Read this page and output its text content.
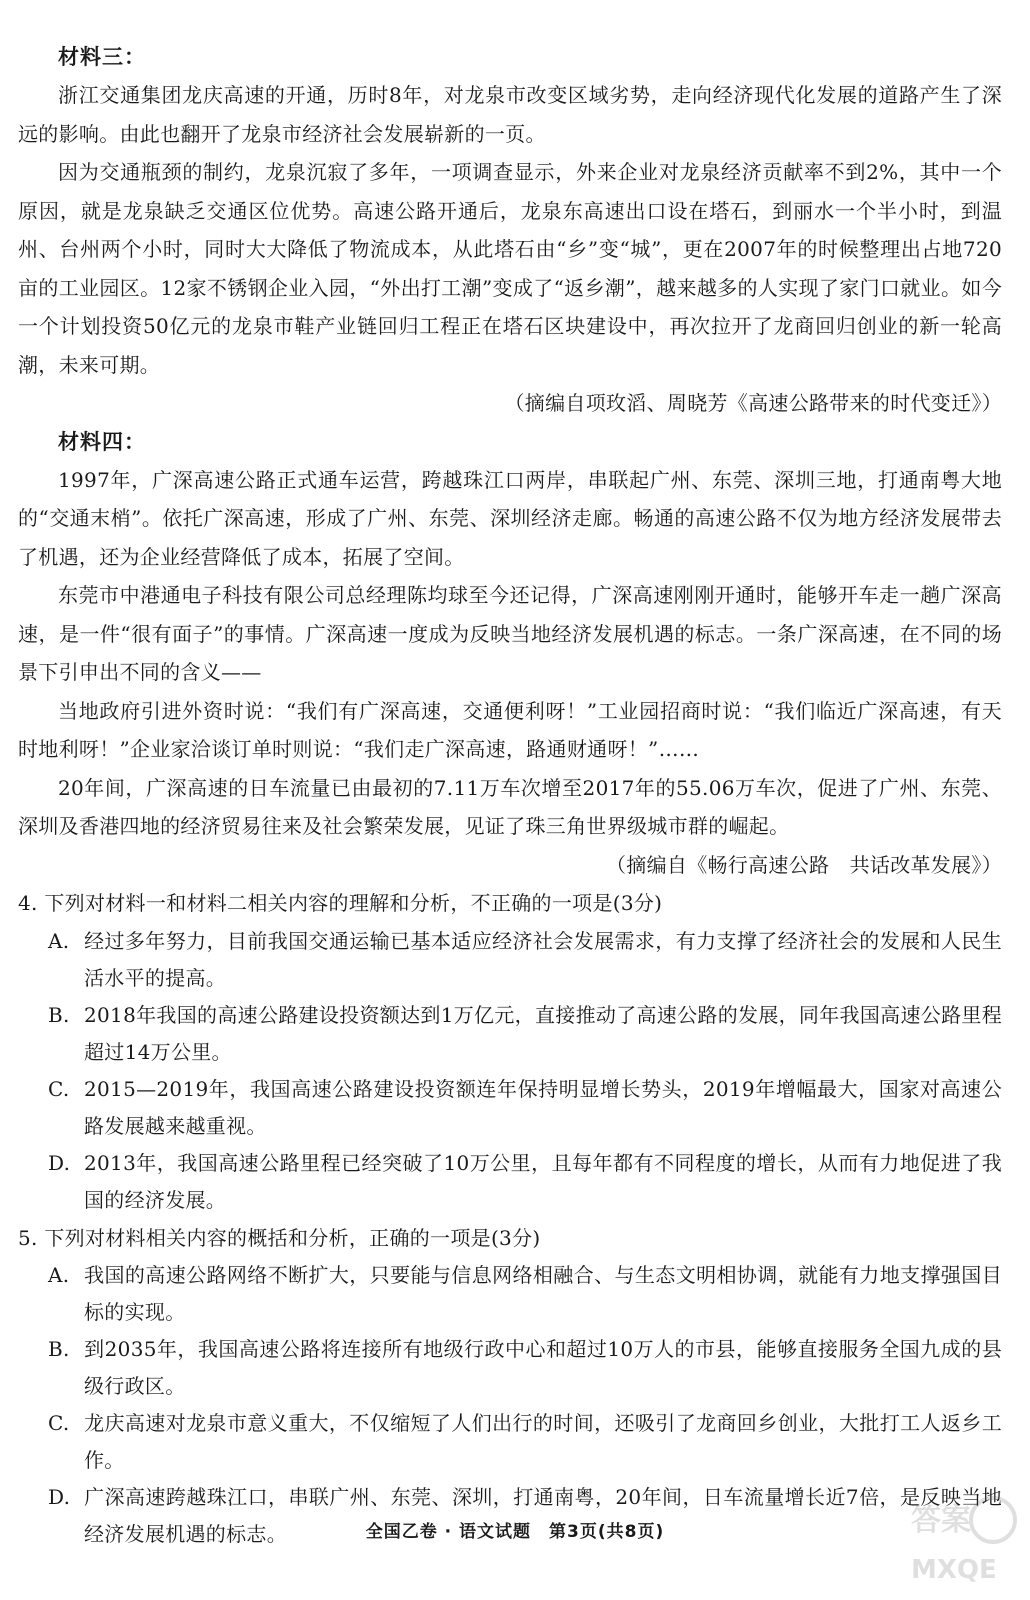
材料三：

浙江交通集团龙庆高速的开通，历时8年，对龙泉市改变区域劣势，走向经济现代化发展的道路产生了深远的影响。由此也翻开了龙泉市经济社会发展崭新的一页。

因为交通瓶颈的制约，龙泉沉寂了多年，一项调查显示，外来企业对龙泉经济贡献率不到2%，其中一个原因，就是龙泉缺乏交通区位优势。高速公路开通后，龙泉东高速出口设在塔石，到丽水一个半小时，到温州、台州两个小时，同时大大降低了物流成本，从此塔石由“乡”变“城”，更在2007年的时候整理出占地720亩的工业园区。12家不锈钢企业入园，“外出打工潮”变成了“返乡潮”，越来越多的人实现了家门口就业。如今一个计划投资50亿元的龙泉市鞋产业链回归工程正在塔石区块建设中，再次拉开了龙商回归创业的新一轮高潮，未来可期。

（摘编自项玫滔、周晓芳《高速公路带来的时代变迁》）

材料四：

1997年，广深高速公路正式通车运营，跨越珠江口两岸，串联起广州、东莞、深圳三地，打通南粤大地的“交通末梢”。依托广深高速，形成了广州、东莞、深圳经济走廊。畅通的高速公路不仅为地方经济发展带去了机遇，还为企业经营降低了成本，拓展了空间。

东莞市中港通电子科技有限公司总经理陈均球至今还记得，广深高速刚刚开通时，能够开车走一趟广深高速，是一件“很有面子”的事情。广深高速一度成为反映当地经济发展机遇的标志。一条广深高速，在不同的场景下引申出不同的含义——

当地政府引进外资时说：“我们有广深高速，交通便利呀！”工业园招商时说：“我们临近广深高速，有天时地利呀！”企业家洽谈订单时则说：“我们走广深高速，路通财通呀！”……

20年间，广深高速的日车流量已由最初的7.11万车次增至2017年的55.06万车次，促进了广州、东莞、深圳及香港四地的经济贸易往来及社会繁荣发展，见证了珠三角世界级城市群的崛起。

（摘编自《畅行高速公路　共话改革发展》）

4. 下列对材料一和材料二相关内容的理解和分析，不正确的一项是(3分)

A. 经过多年努力，目前我国交通运输已基本适应经济社会发展需求，有力支撑了经济社会的发展和人民生活水平的提高。

B. 2018年我国的高速公路建设投资额达到1万亿元，直接推动了高速公路的发展，同年我国高速公路里程超过14万公里。

C. 2015—2019年，我国高速公路建设投资额连年保持明显增长势头，2019年增幅最大，国家对高速公路发展越来越重视。

D. 2013年，我国高速公路里程已经突破了10万公里，且每年都有不同程度的增长，从而有力地促进了我国的经济发展。

5. 下列对材料相关内容的概括和分析，正确的一项是(3分)

A. 我国的高速公路网络不断扩大，只要能与信息网络相融合、与生态文明相协调，就能有力地支撑强国目标的实现。

B. 到2035年，我国高速公路将连接所有地级行政中心和超过10万人的市县，能够直接服务全国九成的县级行政区。

C. 龙庆高速对龙泉市意义重大，不仅缩短了人们出行的时间，还吸引了龙商回乡创业，大批打工人返乡工作。

D. 广深高速跨越珠江口，串联广州、东莞、深圳，打通南粤，20年间，日车流量增长近7倍，是反映当地经济发展机遇的标志。	全国乙卷 · 语文试题　第3页(共8页)	答案
MXQE
